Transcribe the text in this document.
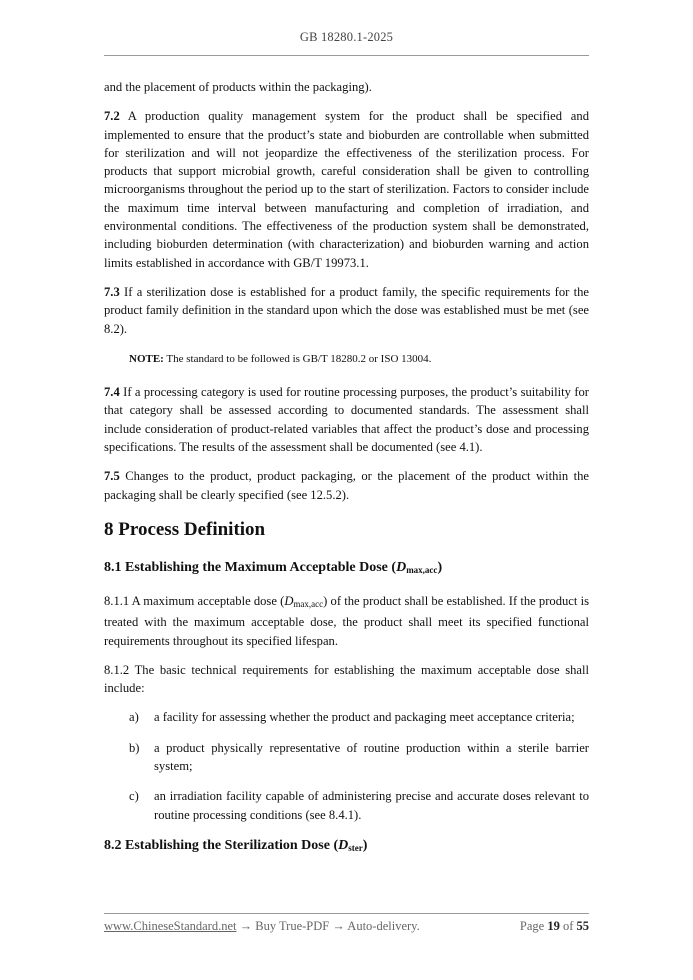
GB 18280.1-2025

and the placement of products within the packaging).

7.2 A production quality management system for the product shall be specified and implemented to ensure that the product’s state and bioburden are controllable when submitted for sterilization and will not jeopardize the effectiveness of the sterilization process. For products that support microbial growth, careful consideration shall be given to controlling microorganisms throughout the period up to the start of sterilization. Factors to consider include the maximum time interval between manufacturing and completion of irradiation, and environmental conditions. The effectiveness of the production system shall be demonstrated, including bioburden determination (with characterization) and bioburden warning and action limits established in accordance with GB/T 19973.1.

7.3 If a sterilization dose is established for a product family, the specific requirements for the product family definition in the standard upon which the dose was established must be met (see 8.2).

NOTE: The standard to be followed is GB/T 18280.2 or ISO 13004.

7.4 If a processing category is used for routine processing purposes, the product’s suitability for that category shall be assessed according to documented standards. The assessment shall include consideration of product-related variables that affect the product’s dose and processing specifications. The results of the assessment shall be documented (see 4.1).

7.5 Changes to the product, product packaging, or the placement of the product within the packaging shall be clearly specified (see 12.5.2).

8 Process Definition
8.1 Establishing the Maximum Acceptable Dose $(D_{max,acc})$

8.1.1 A maximum acceptable dose $(D_{max,acc})$ of the product shall be established. If the product is treated with the maximum acceptable dose, the product shall meet its specified functional requirements throughout its specified lifespan.

8.1.2 The basic technical requirements for establishing the maximum acceptable dose shall include:

a)	a facility for assessing whether the product and packaging meet acceptance criteria;
b)	a product physically representative of routine production within a sterile barrier system;
c)	an irradiation facility capable of administering precise and accurate doses relevant to routine processing conditions (see 8.4.1).
8.2 Establishing the Sterilization Dose $(D_{ster})$
www.ChineseStandard.net → Buy True-PDF → Auto-delivery.	Page 19 of 55
